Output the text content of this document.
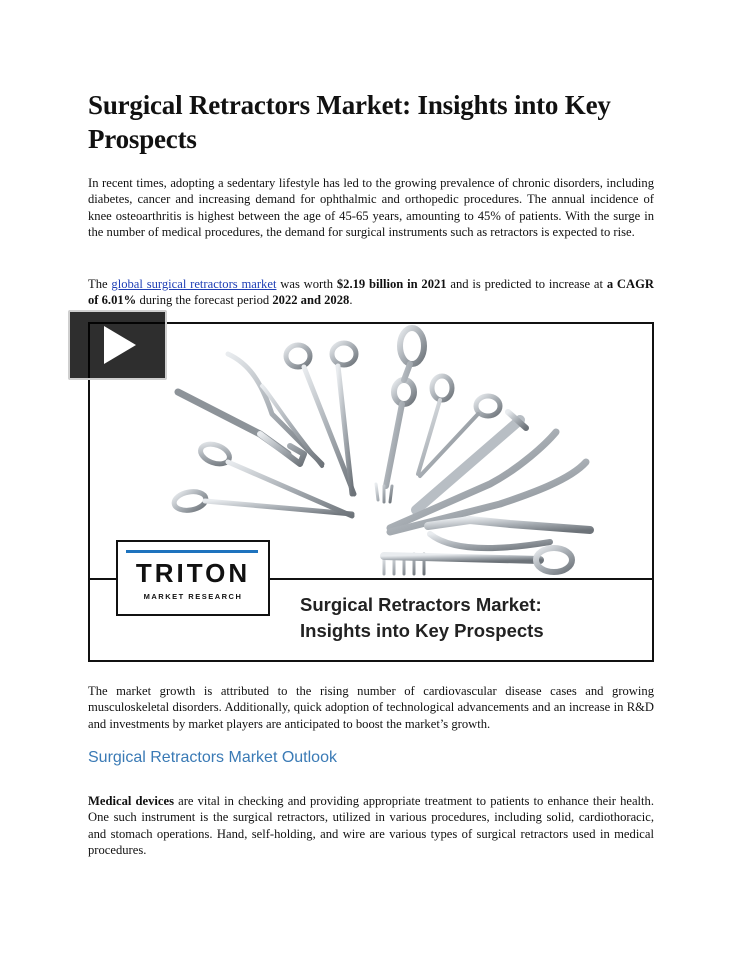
Surgical Retractors Market: Insights into Key Prospects

In recent times, adopting a sedentary lifestyle has led to the growing prevalence of chronic disorders, including diabetes, cancer and increasing demand for ophthalmic and orthopedic procedures. The annual incidence of knee osteoarthritis is highest between the age of 45-65 years, amounting to 45% of patients. With the surge in the number of medical procedures, the demand for surgical instruments such as retractors is expected to rise.

The global surgical retractors market was worth $2.19 billion in 2021 and is predicted to increase at a CAGR of 6.01% during the forecast period 2022 and 2028.

TRITON
MARKET RESEARCH	Surgical Retractors Market:
Insights into Key Prospects

The market growth is attributed to the rising number of cardiovascular disease cases and growing musculoskeletal disorders. Additionally, quick adoption of technological advancements and an increase in R&D and investments by market players are anticipated to boost the market’s growth.

Surgical Retractors Market Outlook

Medical devices are vital in checking and providing appropriate treatment to patients to enhance their health. One such instrument is the surgical retractors, utilized in various procedures, including solid, cardiothoracic, and stomach operations. Hand, self-holding, and wire are various types of surgical retractors used in medical procedures.
